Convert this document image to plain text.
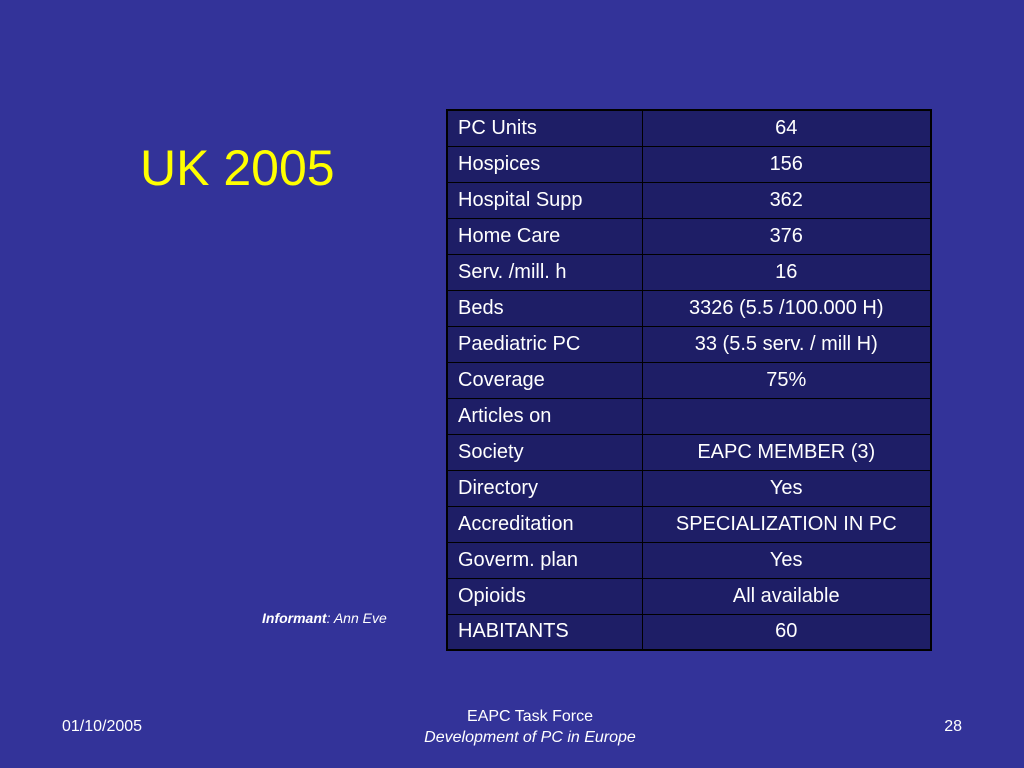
UK 2005
Informant: Ann Eve
PC Units	64
Hospices	156
Hospital Supp	362
Home Care	376
Serv. /mill. h	16
Beds	3326 (5.5 /100.000 H)
Paediatric PC	33 (5.5 serv. / mill H)
Coverage	75%
Articles on	
Society	EAPC MEMBER (3)
Directory	Yes
Accreditation	SPECIALIZATION IN PC
Goverm. plan	Yes
Opioids	All available
HABITANTS	60
01/10/2005
EAPC Task Force
Development of PC in Europe
28
